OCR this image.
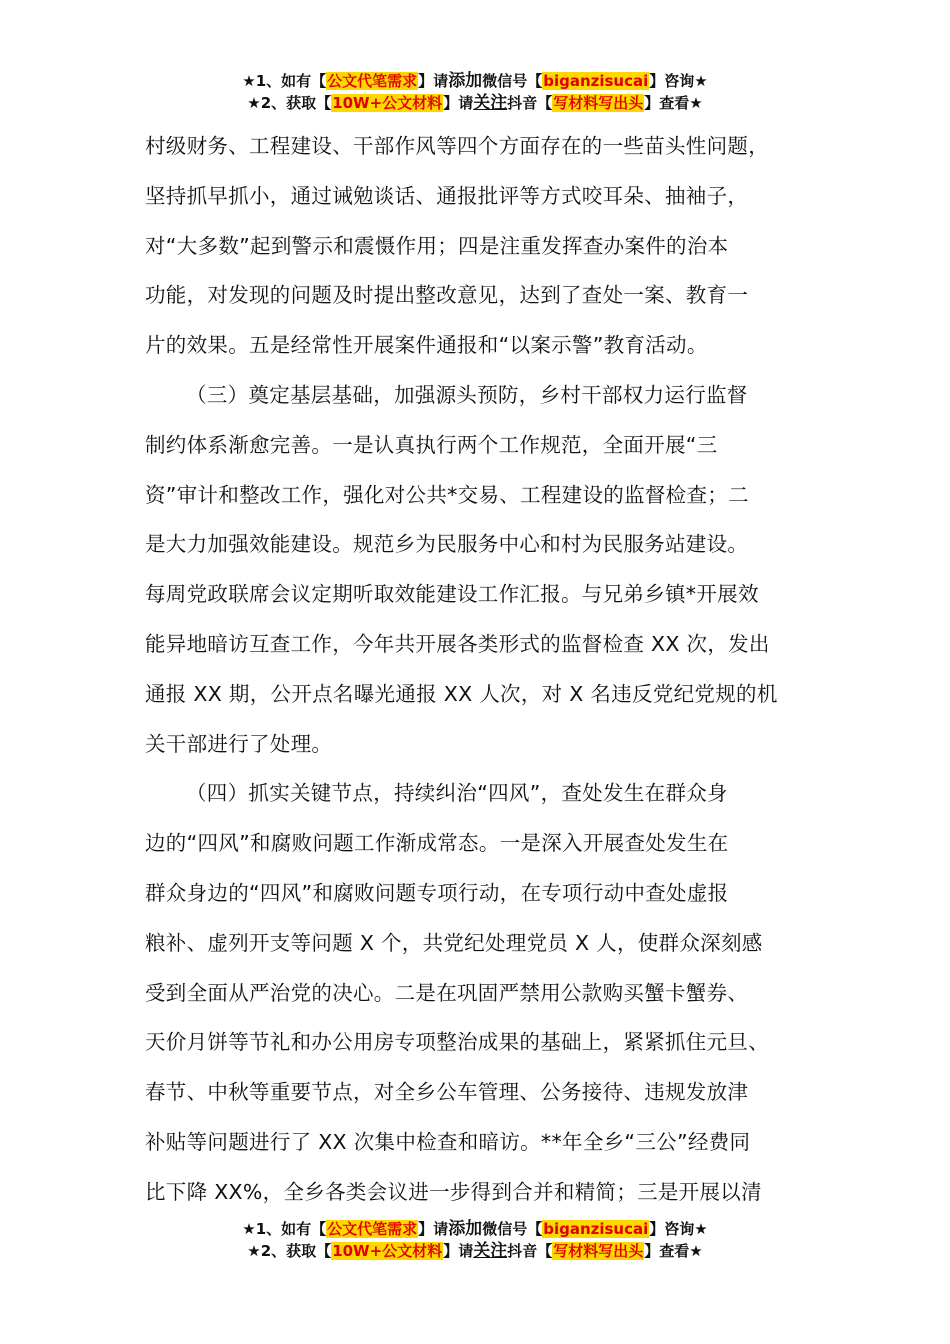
★1、如有【公文代笔需求】请添加微信号【biganzisucai】咨询★
★2、获取【10W+公文材料】请关注抖音【写材料写出头】查看★

村级财务、工程建设、干部作风等四个方面存在的一些苗头性问题，
坚持抓早抓小，通过诫勉谈话、通报批评等方式咬耳朵、抽袖子，
对“大多数”起到警示和震慑作用；四是注重发挥查办案件的治本
功能，对发现的问题及时提出整改意见，达到了查处一案、教育一
片的效果。五是经常性开展案件通报和“以案示警”教育活动。

（三）奠定基层基础，加强源头预防，乡村干部权力运行监督
制约体系渐愈完善。一是认真执行两个工作规范，全面开展“三
资”审计和整改工作，强化对公共*交易、工程建设的监督检查；二
是大力加强效能建设。规范乡为民服务中心和村为民服务站建设。
每周党政联席会议定期听取效能建设工作汇报。与兄弟乡镇*开展效
能异地暗访互查工作，今年共开展各类形式的监督检查 XX 次，发出
通报 XX 期，公开点名曝光通报 XX 人次，对 X 名违反党纪党规的机
关干部进行了处理。

（四）抓实关键节点，持续纠治“四风”，查处发生在群众身
边的“四风”和腐败问题工作渐成常态。一是深入开展查处发生在
群众身边的“四风”和腐败问题专项行动，在专项行动中查处虚报
粮补、虚列开支等问题 X 个，共党纪处理党员 X 人，使群众深刻感
受到全面从严治党的决心。二是在巩固严禁用公款购买蟹卡蟹券、
天价月饼等节礼和办公用房专项整治成果的基础上，紧紧抓住元旦、
春节、中秋等重要节点，对全乡公车管理、公务接待、违规发放津
补贴等问题进行了 XX 次集中检查和暗访。**年全乡“三公”经费同
比下降 XX%，全乡各类会议进一步得到合并和精简；三是开展以清

★1、如有【公文代笔需求】请添加微信号【biganzisucai】咨询★
★2、获取【10W+公文材料】请关注抖音【写材料写出头】查看★
